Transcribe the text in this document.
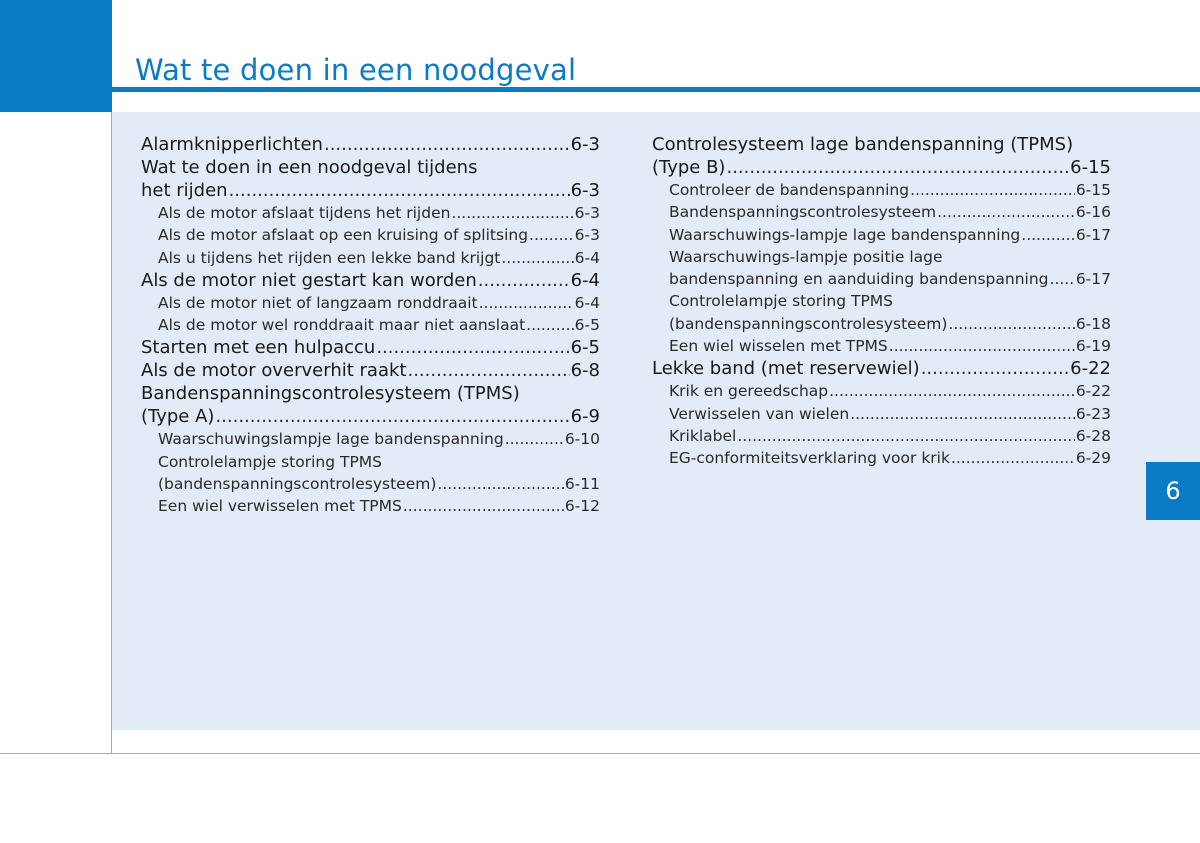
Wat te doen in een noodgeval
Alarmknipperlichten .....	6-3
Wat te doen in een noodgeval tijdens
het rijden .....	6-3
Als de motor afslaat tijdens het rijden .....	6-3
Als de motor afslaat op een kruising of splitsing .....	6-3
Als u tijdens het rijden een lekke band krijgt .....	6-4
Als de motor niet gestart kan worden .....	6-4
Als de motor niet of langzaam ronddraait .....	6-4
Als de motor wel ronddraait maar niet aanslaat .....	6-5
Starten met een hulpaccu .....	6-5
Als de motor oververhit raakt .....	6-8
Bandenspanningscontrolesysteem (TPMS)
(Type A) .....	6-9
Waarschuwingslampje lage bandenspanning .....	6-10
Controlelampje storing TPMS
(bandenspanningscontrolesysteem) .....	6-11
Een wiel verwisselen met TPMS .....	6-12
Controlesysteem lage bandenspanning (TPMS)
(Type B) .....	6-15
Controleer de bandenspanning .....	6-15
Bandenspanningscontrolesysteem .....	6-16
Waarschuwings-lampje lage bandenspanning .....	6-17
Waarschuwings-lampje positie lage
bandenspanning en aanduiding bandenspanning ..... 6-17
Controlelampje storing TPMS
(bandenspanningscontrolesysteem) .....	6-18
Een wiel wisselen met TPMS .....	6-19
Lekke band (met reservewiel) .....	6-22
Krik en gereedschap .....	6-22
Verwisselen van wielen .....	6-23
Kriklabel .....	6-28
EG-conformiteitsverklaring voor krik .....	6-29
6
